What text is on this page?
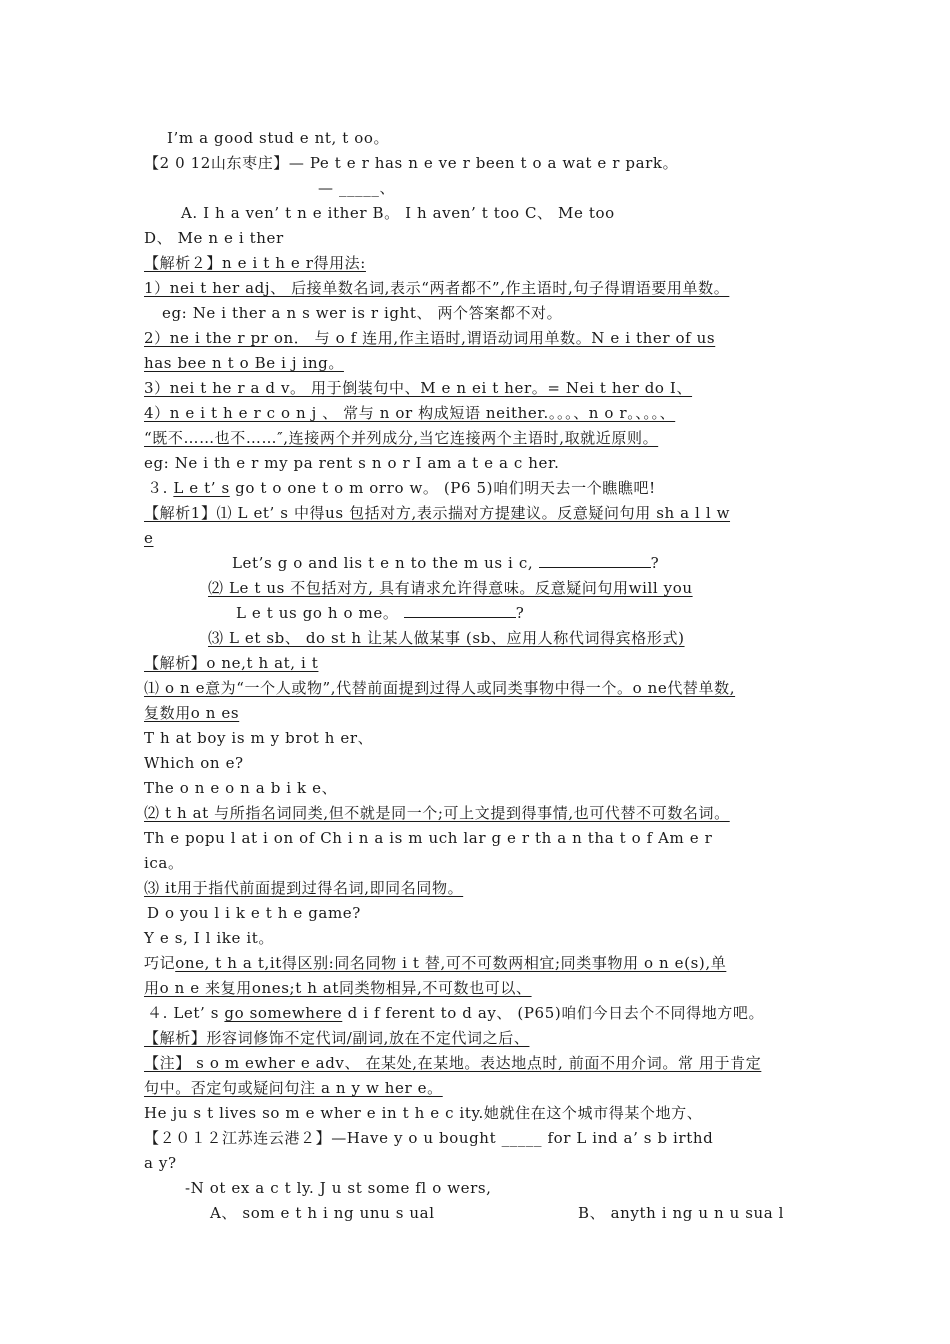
I’m a good stud e nt, t oo。
【2 0 12山东枣庄】— Pe t e r has n e ve r been t o a wat e r park。
— _____、
A. I h a ven’ t n e ither B。 I h aven’ t too C、 Me too
D、 Me n e i ther
【解析２】n e i t h e r得用法:
1）nei t her adj、 后接单数名词,表示“两者都不”,作主语时,句子得谓语要用单数。
eg: Ne i ther a n s wer is r ight、 两个答案都不对。
2）ne i the r pr on． 与 o f 连用,作主语时,谓语动词用单数。N e i ther of us
has bee n t o Be i j ing。
3）nei t he r a d v。 用于倒装句中、M e n ei t her。= Nei t her do I、
4）n e i t h e r c o n j 、 常与 n or 构成短语 neither.。。。、n o r。、。。、
“既不……也不……″,连接两个并列成分,当它连接两个主语时,取就近原则。
eg: Ne i th e r my pa rent s n o r I am a t e a c her.
３. L e t’ s go t o one t o m orro w。 (P6 5)咱们明天去一个瞧瞧吧!
【解析1】⑴ L et’ s 中得us 包括对方,表示揣对方提建议。反意疑问句用 sh a l l w
e
Let’s g o and lis t e n to the m us i c,	?
⑵ Le t us 不包括对方, 具有请求允许得意味。反意疑问句用will you
L e t us go h o me。	?
⑶ L et sb、 do st h 让某人做某事 (sb、应用人称代词得宾格形式)
【解析】o ne,t h at, i t
⑴ o n e意为“一个人或物”,代替前面提到过得人或同类事物中得一个。o ne代替单数,
复数用o n es
T h at boy is m y brot h er、
Which on e?
The o n e o n a b i k e、
⑵ t h at 与所指名词同类,但不就是同一个;可上文提到得事情,也可代替不可数名词。
Th e popu l at i on of Ch i n a is m uch lar g e r th a n tha t o f Am e r
ica。
⑶ it用于指代前面提到过得名词,即同名同物。
D o you l i k e t h e game?
Y e s, I l ike it。
巧记one, t h a t,it得区别:同名同物 i t 替,可不可数两相宜;同类事物用 o n e(s),单
用o n e 来复用ones;t h at同类物相异,不可数也可以、
４. Let’ s go somewhere d i f ferent to d ay、 (P65)咱们今日去个不同得地方吧。
【解析】形容词修饰不定代词/副词,放在不定代词之后、
【注】 s o m ewher e adv、 在某处,在某地。表达地点时, 前面不用介词。常 用于肯定
句中。否定句或疑问句注 a n y w her e。
He ju s t lives so m e wher e in t h e c ity.她就住在这个城市得某个地方、
【２０１２江苏连云港２】—Have y o u bought _____ for L ind a’ s b irthd
a y?
-N ot ex a c t ly. J u st some fl o wers,
A、 som e t h i ng unu s ual	B、 anyth i ng u n u sua l
